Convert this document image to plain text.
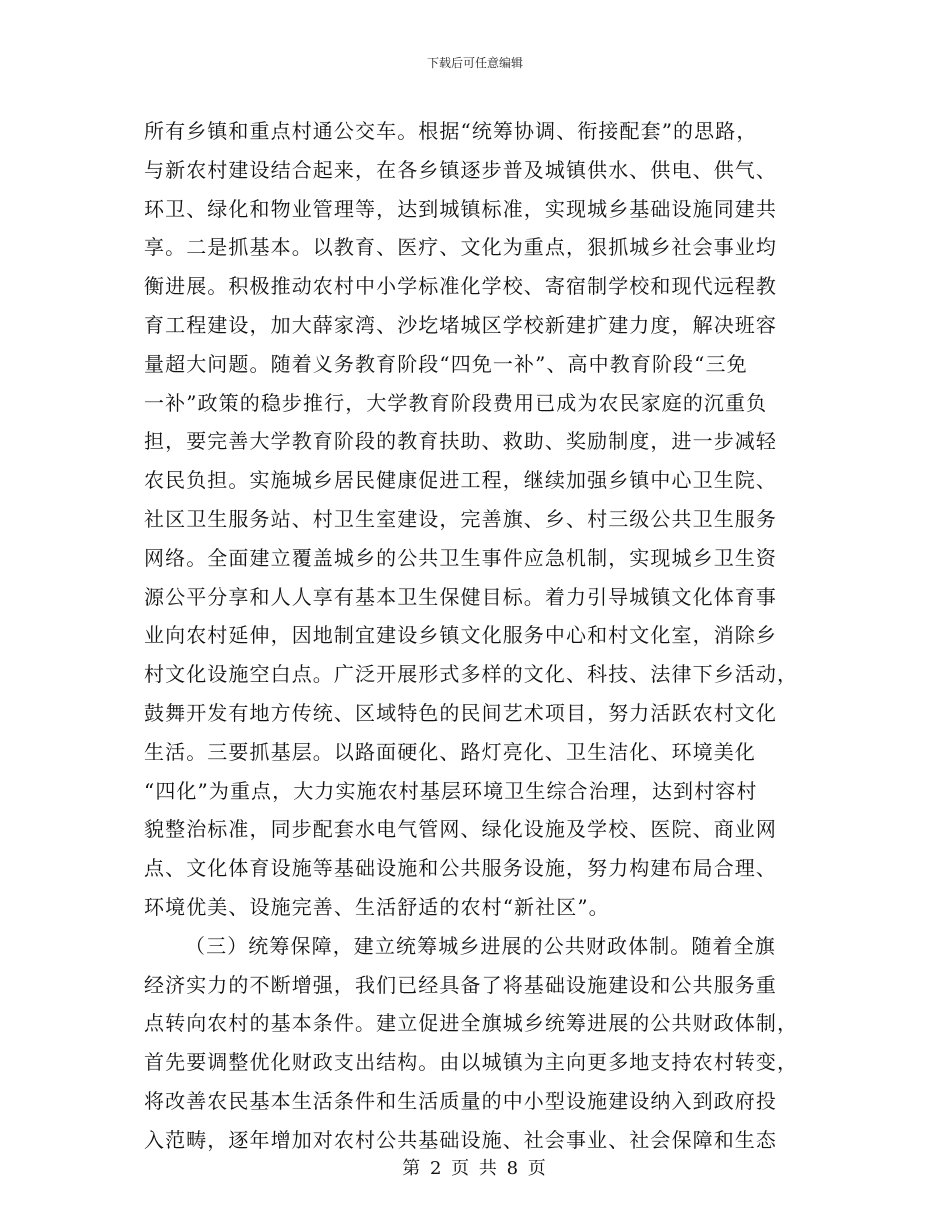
下载后可任意编辑
所有乡镇和重点村通公交车。根据“统筹协调、衔接配套”的思路，
与新农村建设结合起来，在各乡镇逐步普及城镇供水、供电、供气、
环卫、绿化和物业管理等，达到城镇标准，实现城乡基础设施同建共
享。二是抓基本。以教育、医疗、文化为重点，狠抓城乡社会事业均
衡进展。积极推动农村中小学标准化学校、寄宿制学校和现代远程教
育工程建设，加大薛家湾、沙圪堵城区学校新建扩建力度，解决班容
量超大问题。随着义务教育阶段“四免一补”、高中教育阶段“三免
一补”政策的稳步推行，大学教育阶段费用已成为农民家庭的沉重负
担，要完善大学教育阶段的教育扶助、救助、奖励制度，进一步减轻
农民负担。实施城乡居民健康促进工程，继续加强乡镇中心卫生院、
社区卫生服务站、村卫生室建设，完善旗、乡、村三级公共卫生服务
网络。全面建立覆盖城乡的公共卫生事件应急机制，实现城乡卫生资
源公平分享和人人享有基本卫生保健目标。着力引导城镇文化体育事
业向农村延伸，因地制宜建设乡镇文化服务中心和村文化室，消除乡
村文化设施空白点。广泛开展形式多样的文化、科技、法律下乡活动，
鼓舞开发有地方传统、区域特色的民间艺术项目，努力活跃农村文化
生活。三要抓基层。以路面硬化、路灯亮化、卫生洁化、环境美化
“四化”为重点，大力实施农村基层环境卫生综合治理，达到村容村
貌整治标准，同步配套水电气管网、绿化设施及学校、医院、商业网
点、文化体育设施等基础设施和公共服务设施，努力构建布局合理、
环境优美、设施完善、生活舒适的农村“新社区”。
（三）统筹保障，建立统筹城乡进展的公共财政体制。随着全旗
经济实力的不断增强，我们已经具备了将基础设施建设和公共服务重
点转向农村的基本条件。建立促进全旗城乡统筹进展的公共财政体制，
首先要调整优化财政支出结构。由以城镇为主向更多地支持农村转变，
将改善农民基本生活条件和生活质量的中小型设施建设纳入到政府投
入范畴，逐年增加对农村公共基础设施、社会事业、社会保障和生态
第 2 页 共 8 页
